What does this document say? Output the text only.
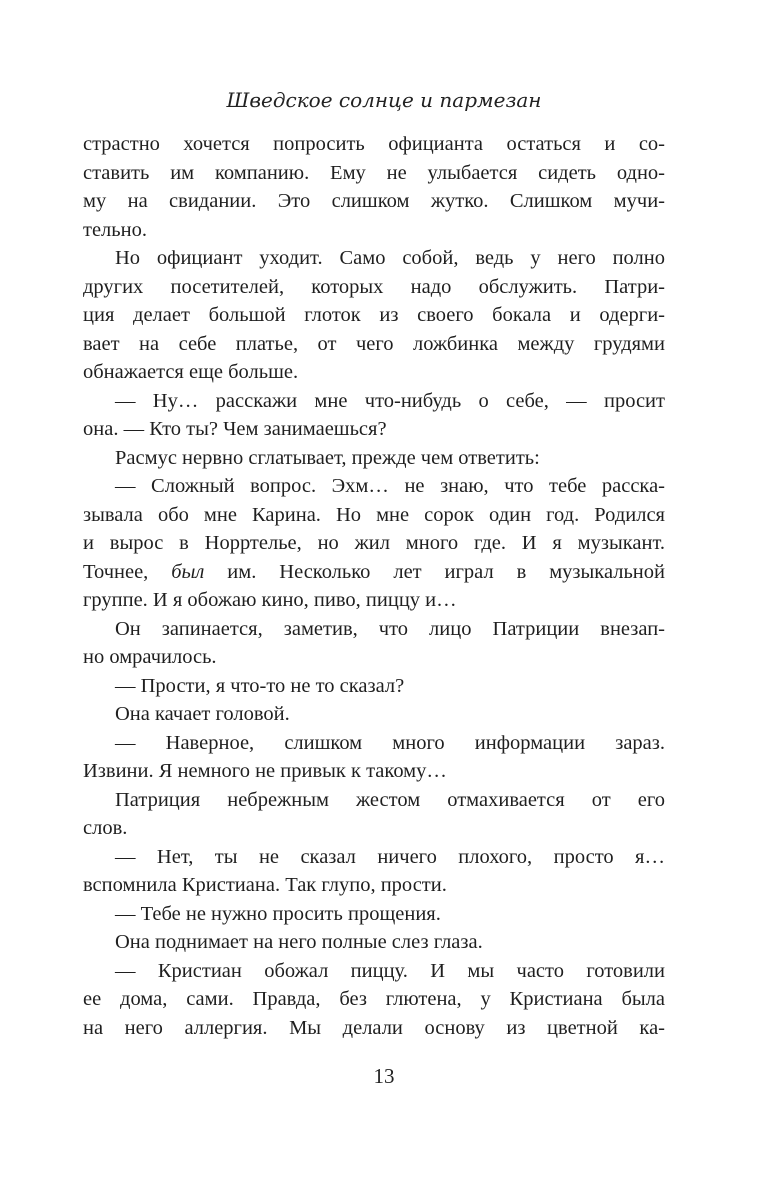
Шведское солнце и пармезан
страстно хочется попросить официанта остаться и со-
ставить им компанию. Ему не улыбается сидеть одно-
му на свидании. Это слишком жутко. Слишком мучи-
тельно.
Но официант уходит. Само собой, ведь у него полно
других посетителей, которых надо обслужить. Патри-
ция делает большой глоток из своего бокала и одерги-
вает на себе платье, от чего ложбинка между грудями
обнажается еще больше.
— Ну… расскажи мне что-нибудь о себе, — просит
она. — Кто ты? Чем занимаешься?
Расмус нервно сглатывает, прежде чем ответить:
— Сложный вопрос. Эхм… не знаю, что тебе расска-
зывала обо мне Карина. Но мне сорок один год. Родился
и вырос в Норртелье, но жил много где. И я музыкант.
Точнее, был им. Несколько лет играл в музыкальной
группе. И я обожаю кино, пиво, пиццу и…
Он запинается, заметив, что лицо Патриции внезап-
но омрачилось.
— Прости, я что-то не то сказал?
Она качает головой.
— Наверное, слишком много информации зараз.
Извини. Я немного не привык к такому…
Патриция небрежным жестом отмахивается от его
слов.
— Нет, ты не сказал ничего плохого, просто я…
вспомнила Кристиана. Так глупо, прости.
— Тебе не нужно просить прощения.
Она поднимает на него полные слез глаза.
— Кристиан обожал пиццу. И мы часто готовили
ее дома, сами. Правда, без глютена, у Кристиана была
на него аллергия. Мы делали основу из цветной ка-
13
